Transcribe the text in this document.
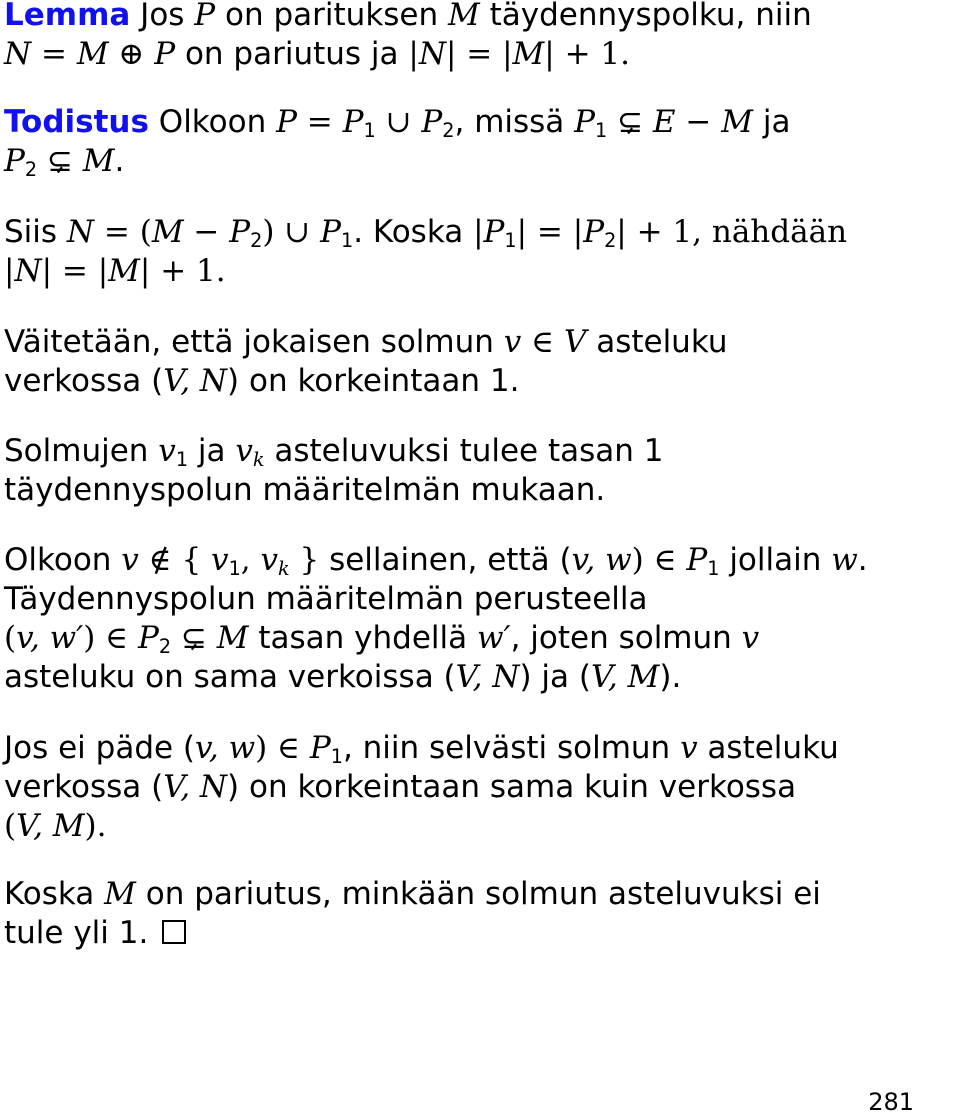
Lemma Jos P on parituksen M täydennyspolku, niin
N = M ⊕ P on pariutus ja |N| = |M| + 1.
Todistus Olkoon $P = P_1$ ∪ $P_2$, missä $P_1$ ⊊ E − M ja
$P_2$ ⊊ M.
Siis $N = (M - P_2)$ ∪ $P_1$. Koska $|P_1| = |P_2| + 1$, nähdään
|N| = |M| + 1.
Väitetään, että jokaisen solmun v ∈ V asteluku
verkossa (V, N) on korkeintaan 1.
Solmujen $v_1$ ja $v_k$ asteluvuksi tulee tasan 1
täydennyspolun määritelmän mukaan.
Olkoon v ∉ { $v_1$, $v_k$ } sellainen, että (v, w) ∈ $P_1$ jollain w.
Täydennyspolun määritelmän perusteella
(v, w′) ∈ $P_2$ ⊊ M tasan yhdellä w′, joten solmun v
asteluku on sama verkoissa (V, N) ja (V, M).
Jos ei päde (v, w) ∈ $P_1$, niin selvästi solmun v asteluku
verkossa (V, N) on korkeintaan sama kuin verkossa
(V, M).
Koska M on pariutus, minkään solmun asteluvuksi ei
tule yli 1.
281
